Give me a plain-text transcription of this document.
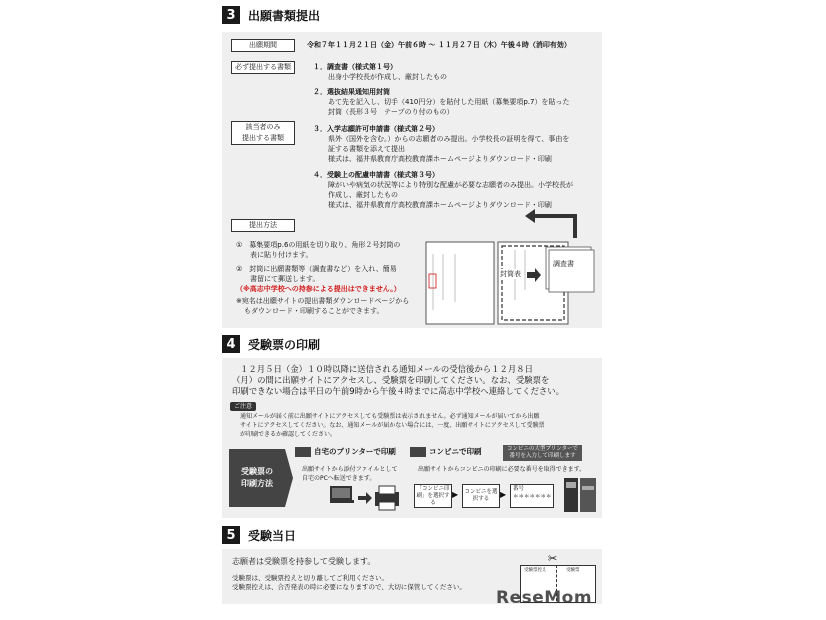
3	出願書類提出
出願期間	令和７年１１月２１日（金）午前６時 ～ １１月２７日（木）午後４時（消印有効）
必ず提出する書類	１．調査書（様式第１号）
出身小学校長が作成し、厳封したもの
２．選抜結果通知用封筒
あて先を記入し、切手（410円分）を貼付した用紙（募集要項p.7）を貼った
封筒（長形３号　テープのり付のもの）
該当者のみ
提出する書類
３．入学志願許可申請書（様式第２号）
県外（国外を含む。）からの志願者のみ提出。小学校長の証明を得て、事由を
証する書類を添えて提出
様式は、福井県教育庁高校教育課ホームページよりダウンロード・印刷
４．受験上の配慮申請書（様式第３号）
障がいや病気の状況等により特別な配慮が必要な志願者のみ提出。小学校長が
作成し、厳封したもの
様式は、福井県教育庁高校教育課ホームページよりダウンロード・印刷
提出方法
①　募集要項p.6の用紙を切り取り、角形２号封筒の
表に貼り付けます。
②　封筒に出願書類等（調査書など）を入れ、簡易
書留にて郵送します。
（※高志中学校への持参による提出はできません。）
※宛名は出願サイトの提出書類ダウンロードページから
もダウンロード・印刷することができます。
封筒表
調査書
4	受験票の印刷
１２月５日（金）１０時以降に送信される通知メールの受信後から１２月８日
（月）の間に出願サイトにアクセスし、受験票を印刷してください。なお、受験票を
印刷できない場合は平日の午前9時から午後４時までに高志中学校へ連絡してください。
ご注意
通知メールが届く前に出願サイトにアクセスしても受験票は表示されません。必ず通知メールが届いてから出願
サイトにアクセスしてください。なお、通知メールが届かない場合には、一度、出願サイトにアクセスして受験票
が印刷できるか確認してください。
受験票の
印刷方法
自宅のプリンターで印刷
出願サイトから添付ファイルとして
自宅のPCへ転送できます。
コンビニで印刷	コンビニの大型プリンターで
番号を入力して印刷します
出願サイトからコンビニの印刷に必要な番号を取得できます。
「コンビニ印刷」を選択する
▶	コンビニを選択する	▶
番号
＊＊＊＊＊＊＊
5	受験当日
志願者は受験票を持参して受験します。
受験票は、受験票控えと切り離してご利用ください。
受験票控えは、合否発表の時に必要になりますので、大切に保管してください。
✂
受験票控え	受験票
ReseMom
